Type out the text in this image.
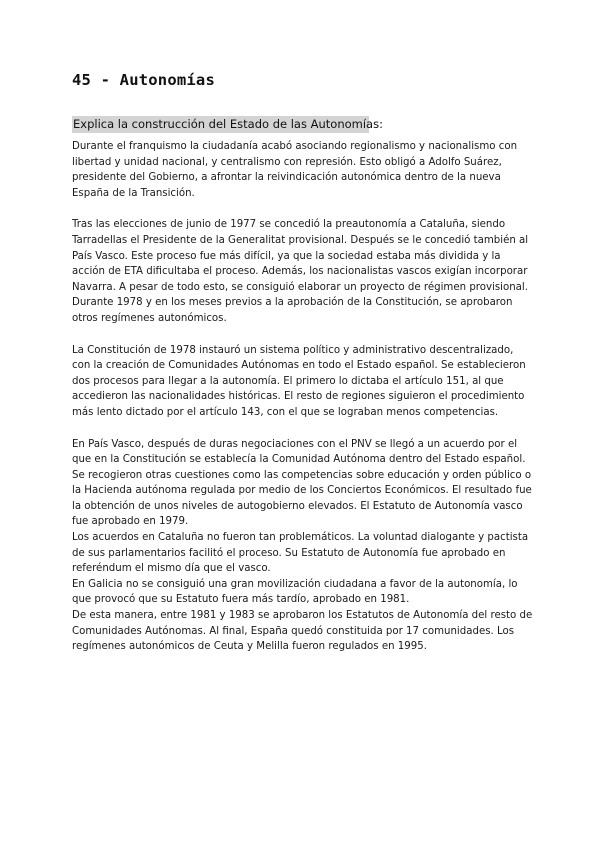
45 - Autonomías
Explica la construcción del Estado de las Autonomías:

Durante el franquismo la ciudadanía acabó asociando regionalismo y nacionalismo con libertad y unidad nacional, y centralismo con represión. Esto obligó a Adolfo Suárez, presidente del Gobierno, a afrontar la reivindicación autonómica dentro de la nueva España de la Transición.

Tras las elecciones de junio de 1977 se concedió la preautonomía a Cataluña, siendo Tarradellas el Presidente de la Generalitat provisional. Después se le concedió también al País Vasco. Este proceso fue más difícil, ya que la sociedad estaba más dividida y la acción de ETA dificultaba el proceso. Además, los nacionalistas vascos exigían incorporar Navarra. A pesar de todo esto, se consiguió elaborar un proyecto de régimen provisional. Durante 1978 y en los meses previos a la aprobación de la Constitución, se aprobaron otros regímenes autonómicos.

La Constitución de 1978 instauró un sistema político y administrativo descentralizado, con la creación de Comunidades Autónomas en todo el Estado español. Se establecieron dos procesos para llegar a la autonomía. El primero lo dictaba el artículo 151, al que accedieron las nacionalidades históricas. El resto de regiones siguieron el procedimiento más lento dictado por el artículo 143, con el que se lograban menos competencias.

En País Vasco, después de duras negociaciones con el PNV se llegó a un acuerdo por el que en la Constitución se establecía la Comunidad Autónoma dentro del Estado español. Se recogieron otras cuestiones como las competencias sobre educación y orden público o la Hacienda autónoma regulada por medio de los Conciertos Económicos. El resultado fue la obtención de unos niveles de autogobierno elevados. El Estatuto de Autonomía vasco fue aprobado en 1979.

Los acuerdos en Cataluña no fueron tan problemáticos. La voluntad dialogante y pactista de sus parlamentarios facilitó el proceso. Su Estatuto de Autonomía fue aprobado en referéndum el mismo día que el vasco.

En Galicia no se consiguió una gran movilización ciudadana a favor de la autonomía, lo que provocó que su Estatuto fuera más tardío, aprobado en 1981.

De esta manera, entre 1981 y 1983 se aprobaron los Estatutos de Autonomía del resto de Comunidades Autónomas. Al final, España quedó constituida por 17 comunidades. Los regímenes autonómicos de Ceuta y Melilla fueron regulados en 1995.
